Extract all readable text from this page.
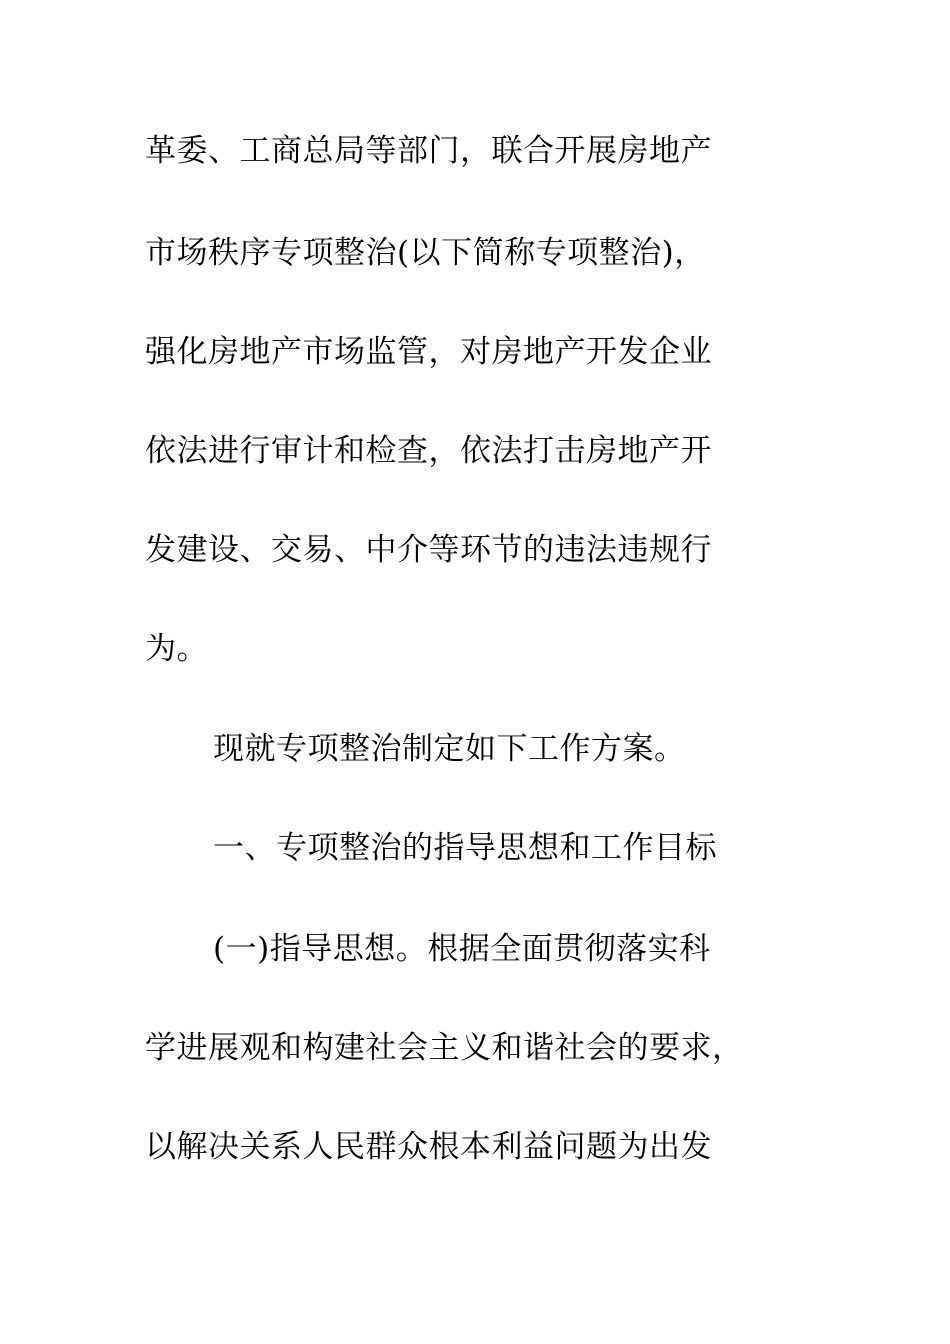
革委、工商总局等部门，联合开展房地产
市场秩序专项整治(以下简称专项整治)，
强化房地产市场监管，对房地产开发企业
依法进行审计和检查，依法打击房地产开
发建设、交易、中介等环节的违法违规行
为。
现就专项整治制定如下工作方案。
一、专项整治的指导思想和工作目标
(一)指导思想。根据全面贯彻落实科
学进展观和构建社会主义和谐社会的要求，
以解决关系人民群众根本利益问题为出发
